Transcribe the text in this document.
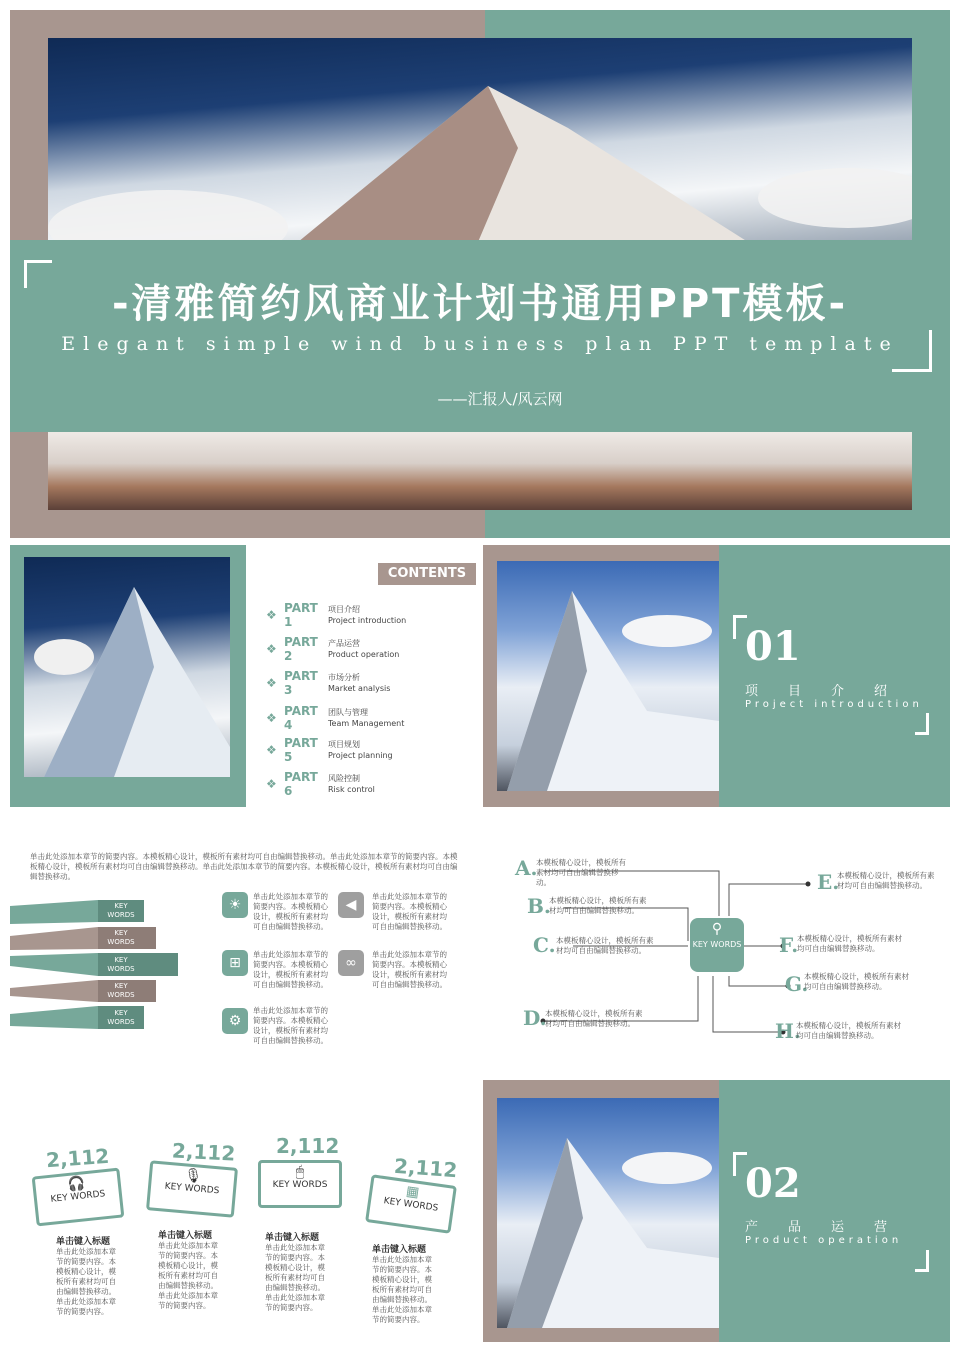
-清雅简约风商业计划书通用PPT模板-
Elegant simple wind business plan PPT template
——汇报人/风云网
CONTENTS
❖ PART 1
项目介绍
Project introduction
❖ PART 2
产品运营
Product operation
❖ PART 3
市场分析
Market analysis
❖ PART 4
团队与管理
Team Management
❖ PART 5
项目规划
Project planning
❖ PART 6
风险控制
Risk control
01
项目介绍
Project introduction
单击此处添加本章节的简要内容。本模板精心设计，模板所有素材均可自由编辑替换移动。单击此处添加本章节的简要内容。本模板精心设计，模板所有素材均可自由编辑替换移动。单击此处添加本章节的简要内容。本模板精心设计，模板所有素材均可自由编辑替换移动。
KEY WORDS
KEY WORDS
KEY WORDS
KEY WORDS
KEY WORDS
☀
单击此处添加本章节的简要内容。本模板精心设计，模板所有素材均可自由编辑替换移动。
◀
单击此处添加本章节的简要内容。本模板精心设计，模板所有素材均可自由编辑替换移动。
⊞
单击此处添加本章节的简要内容。本模板精心设计，模板所有素材均可自由编辑替换移动。
∞
单击此处添加本章节的简要内容。本模板精心设计，模板所有素材均可自由编辑替换移动。
⚙
单击此处添加本章节的简要内容。本模板精心设计，模板所有素材均可自由编辑替换移动。
⚲
KEY WORDS
A.
本模板精心设计，模板所有素材均可自由编辑替换移动。
B.
本模板精心设计，模板所有素材均可自由编辑替换移动。
C. 本模板精心设计，模板所有素材均可自由编辑替换移动。
D.
本模板精心设计，模板所有素材均可自由编辑替换移动。
E.
本模板精心设计，模板所有素材均可自由编辑替换移动。
F.
本模板精心设计，模板所有素材均可自由编辑替换移动。
G.
本模板精心设计，模板所有素材均可自由编辑替换移动。
H.
本模板精心设计，模板所有素材均可自由编辑替换移动。
02
产品运营
Product operation
2,112
🎧
KEY WORDS
单击键入标题
单击此处添加本章节的简要内容。本模板精心设计，模板所有素材均可自由编辑替换移动。单击此处添加本章节的简要内容。
2,112
🎙
KEY WORDS
单击键入标题
单击此处添加本章节的简要内容。本模板精心设计，模板所有素材均可自由编辑替换移动。单击此处添加本章节的简要内容。
2,112
🖱
KEY WORDS
单击键入标题
单击此处添加本章节的简要内容。本模板精心设计，模板所有素材均可自由编辑替换移动。单击此处添加本章节的简要内容。
2,112
▦
KEY WORDS
单击键入标题
单击此处添加本章节的简要内容。本模板精心设计，模板所有素材均可自由编辑替换移动。单击此处添加本章节的简要内容。
